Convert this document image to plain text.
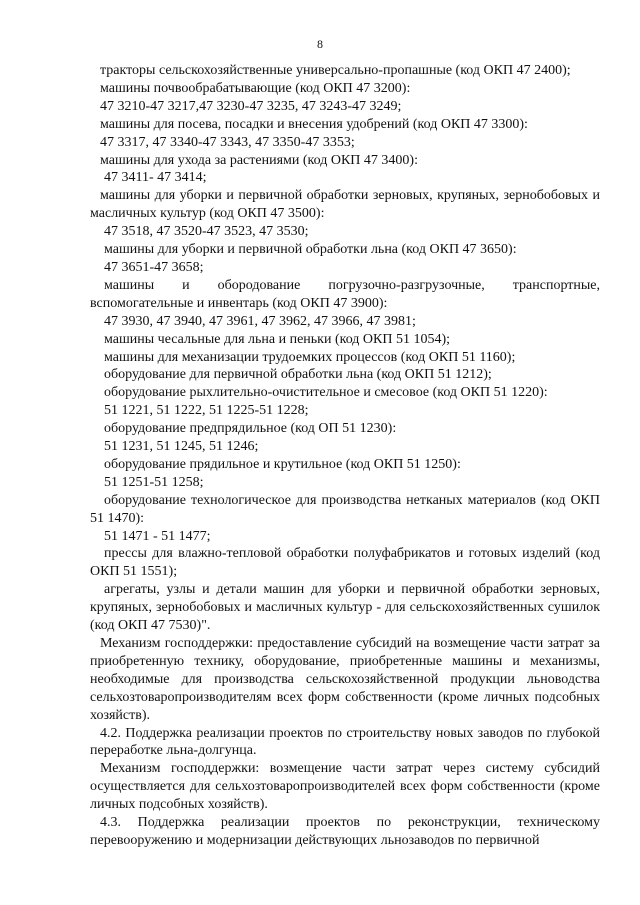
8

тракторы сельскохозяйственные универсально-пропашные (код ОКП 47 2400);

машины почвообрабатывающие (код ОКП 47 3200):

47 3210-47 3217,47 3230-47 3235, 47 3243-47 3249;

машины для посева, посадки и внесения удобрений (код ОКП 47 3300):

47 3317, 47 3340-47 3343, 47 3350-47 3353;

машины для ухода за растениями (код ОКП 47 3400):

47 3411- 47 3414;

машины для уборки и первичной обработки зерновых, крупяных, зернобобовых и масличных культур (код ОКП 47 3500):

47 3518, 47 3520-47 3523, 47 3530;

машины для уборки и первичной обработки льна (код ОКП 47 3650):

47 3651-47 3658;

машины и обородование погрузочно-разгрузочные, транспортные, вспомогательные и инвентарь (код ОКП 47 3900):

47 3930, 47 3940, 47 3961, 47 3962, 47 3966, 47 3981;

машины чесальные для льна и пеньки (код ОКП 51 1054);

машины для механизации трудоемких процессов (код ОКП 51 1160);

оборудование для первичной обработки льна (код ОКП 51 1212);

оборудование рыхлительно-очистительное и смесовое (код ОКП 51 1220):

51 1221, 51 1222, 51 1225-51 1228;

оборудование предпрядильное (код ОП 51 1230):

51 1231, 51 1245, 51 1246;

оборудование прядильное и крутильное (код ОКП 51 1250):

51 1251-51 1258;

оборудование технологическое для производства нетканых материалов (код ОКП 51 1470):

51 1471 - 51 1477;

прессы для влажно-тепловой обработки полуфабрикатов и готовых изделий (код ОКП 51 1551);

агрегаты, узлы и детали машин для уборки и первичной обработки зерновых, крупяных, зернобобовых и масличных культур - для сельскохозяйственных сушилок (код ОКП 47 7530)".

Механизм господдержки: предоставление субсидий на возмещение части затрат за приобретенную технику, оборудование, приобретенные машины и механизмы, необходимые для производства сельскохозяйственной продукции льноводства сельхозтоваропроизводителям всех форм собственности (кроме личных подсобных хозяйств).

4.2. Поддержка реализации проектов по строительству новых заводов по глубокой переработке льна-долгунца.

Механизм господдержки: возмещение части затрат через систему субсидий осуществляется для сельхозтоваропроизводителей всех форм собственности (кроме личных подсобных хозяйств).

4.3. Поддержка реализации проектов по реконструкции, техническому перевооружению и модернизации действующих льнозаводов по первичной
